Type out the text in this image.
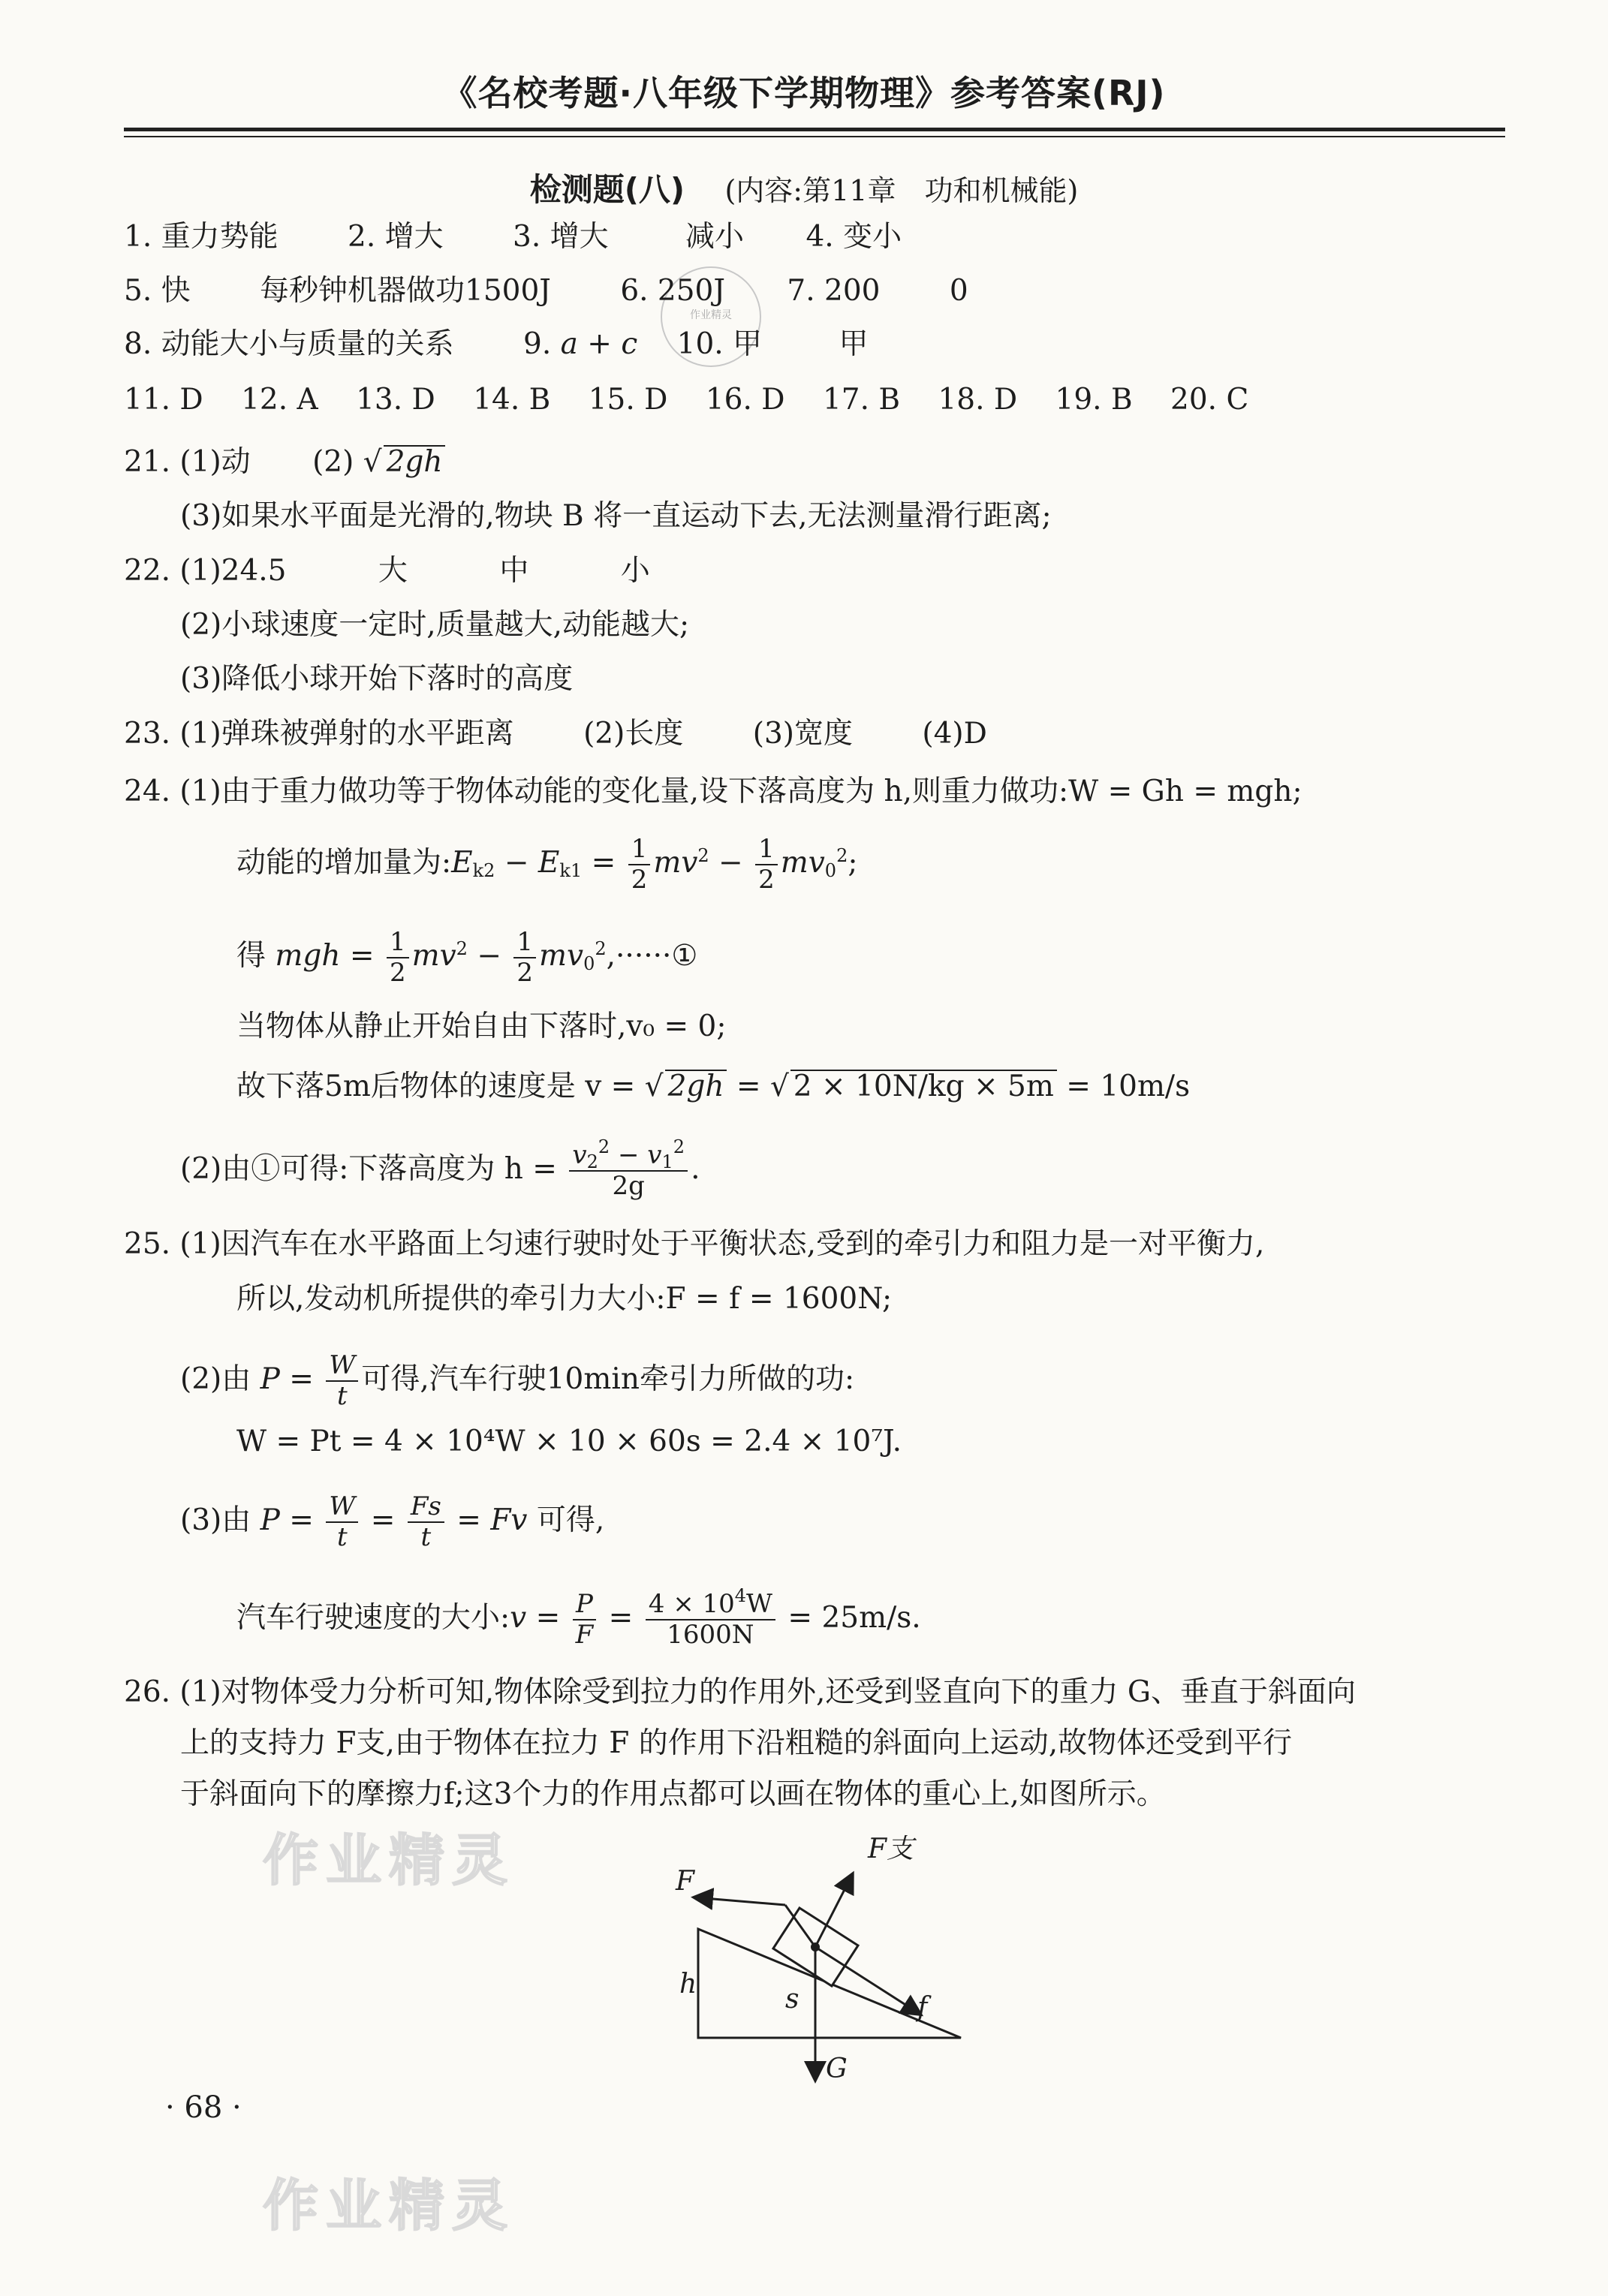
《名校考题·八年级下学期物理》参考答案(RJ)
检测题(八) (内容:第11章　功和机械能)
作业精灵
1. 重力势能 2. 增大 3. 增大	减小 4. 变小
5. 快 每秒钟机器做功1500J 6. 250J 7. 200 0
8. 动能大小与质量的关系 9. a + c 10. 甲	甲
11. D 12. A 13. D 14. B 15. D 16. D 17. B 18. D 19. B 20. C
21. (1)动 (2) √ 2gh
(3)如果水平面是光滑的,物块 B 将一直运动下去,无法测量滑行距离;
22. (1)24.5	大	中	小
(2)小球速度一定时,质量越大,动能越大;
(3)降低小球开始下落时的高度
23. (1)弹珠被弹射的水平距离 (2)长度 (3)宽度 (4)D
24. (1)由于重力做功等于物体动能的变化量,设下落高度为 h,则重力做功:W = Gh = mgh;
动能的增加量为$:E_{k2} - E_{k1} = \frac{1}{2} mv^2 - \frac{1}{2} mv_0^2$;
得 mgh = $\frac{1}{2} mv^2 - \frac{1}{2}$ $mv_0^2,\cdot\cdot\cdot\cdot\cdot\cdot ①$
当物体从静止开始自由下落时,v₀ = 0;
故下落5m后物体的速度是 v = √ 2gh = √ 2 × 10N/kg × 5m = 10m/s
(2)由①可得:下落高度为 $h = \frac{v_2^2 - v_1^2}{2g}$ .
25. (1)因汽车在水平路面上匀速行驶时处于平衡状态,受到的牵引力和阻力是一对平衡力,
所以,发动机所提供的牵引力大小:F = f = 1600N;
(2)由 $P = \frac{W}{t}$ 可得,汽车行驶10min牵引力所做的功:
W = Pt = 4 × 10⁴W × 10 × 60s = 2.4 × 10⁷J.
(3)由 $P = \frac{W}{t} = \frac{Fs}{t} = Fv$ 可得,
汽车行驶速度的大小:v = $\frac{P}{F} = \frac{4 \times 10^4W}{1600N} = 25m/s$.
26. (1)对物体受力分析可知,物体除受到拉力的作用外,还受到竖直向下的重力 G、垂直于斜面向
上的支持力 F支,由于物体在拉力 F 的作用下沿粗糙的斜面向上运动,故物体还受到平行
于斜面向下的摩擦力f;这3个力的作用点都可以画在物体的重心上,如图所示。
作业精灵	F
F支
f
h	s
G
· 68 ·
作业精灵
